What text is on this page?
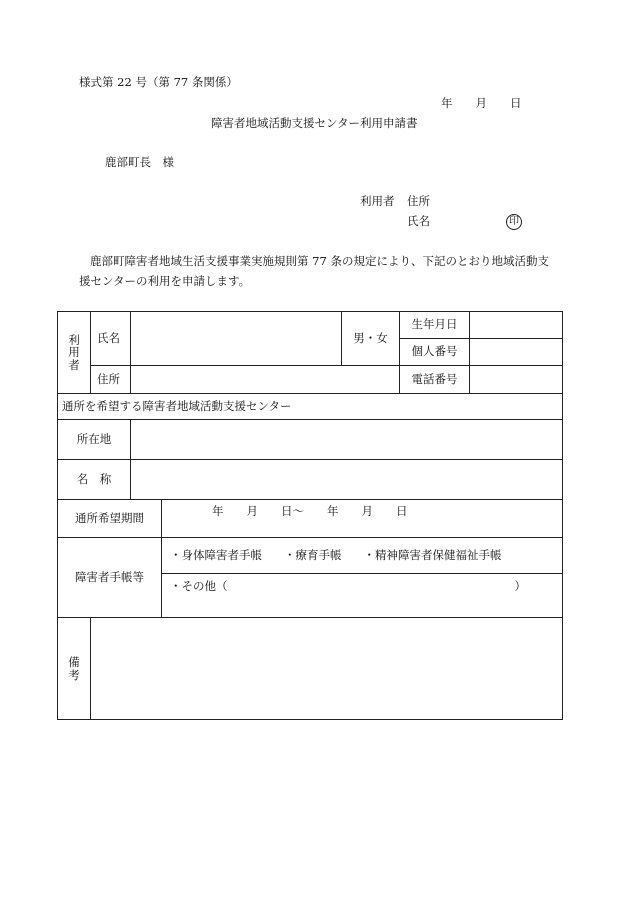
様式第 22 号（第 77 条関係）
年　　月　　日
障害者地域活動支援センター利用申請書
鹿部町長　様
利用者 住所
氏名	印
鹿部町障害者地域生活支援事業実施規則第 77 条の規定により、下記のとおり地域活動支
援センターの利用を申請します。
利
用
者	氏名			男・女	生年月日	
					個人番号	
	住所				電話番号	
通所を希望する障害者地域活動支援センター						
所在地						
名　称						
通所希望期間			年　　月　　日～　　年　　月　　日			
障害者手帳等			・身体障害者手帳 ・療育手帳 ・精神障害者保健福祉手帳			

			・その他（ ）			

備
考						
